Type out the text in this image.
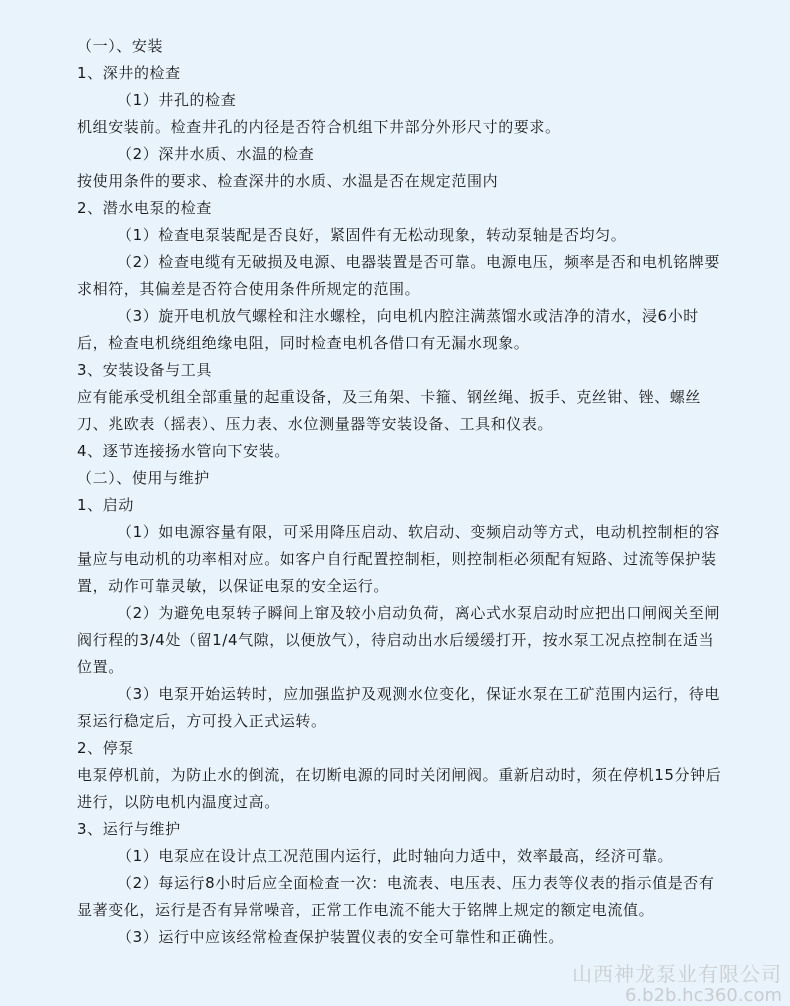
（一）、安装

1、深井的检查

（1）井孔的检查

机组安装前。检查井孔的内径是否符合机组下井部分外形尺寸的要求。

（2）深井水质、水温的检查

按使用条件的要求、检查深井的水质、水温是否在规定范围内

2、潜水电泵的检查

（1）检查电泵装配是否良好，紧固件有无松动现象，转动泵轴是否均匀。

（2）检查电缆有无破损及电源、电器装置是否可靠。电源电压，频率是否和电机铭牌要求相符，其偏差是否符合使用条件所规定的范围。

（3）旋开电机放气螺栓和注水螺栓，向电机内腔注满蒸馏水或洁净的清水，浸6小时后，检查电机绕组绝缘电阻，同时检查电机各借口有无漏水现象。

3、安装设备与工具

应有能承受机组全部重量的起重设备，及三角架、卡箍、钢丝绳、扳手、克丝钳、锉、螺丝刀、兆欧表（摇表）、压力表、水位测量器等安装设备、工具和仪表。

4、逐节连接扬水管向下安装。

（二）、使用与维护

1、启动

（1）如电源容量有限，可采用降压启动、软启动、变频启动等方式，电动机控制柜的容量应与电动机的功率相对应。如客户自行配置控制柜，则控制柜必须配有短路、过流等保护装置，动作可靠灵敏，以保证电泵的安全运行。

（2）为避免电泵转子瞬间上窜及较小启动负荷，离心式水泵启动时应把出口闸阀关至闸阀行程的3/4处（留1/4气隙，以便放气），待启动出水后缓缓打开，按水泵工况点控制在适当位置。

（3）电泵开始运转时，应加强监护及观测水位变化，保证水泵在工矿范围内运行，待电泵运行稳定后，方可投入正式运转。

2、停泵

电泵停机前，为防止水的倒流，在切断电源的同时关闭闸阀。重新启动时，须在停机15分钟后进行，以防电机内温度过高。

3、运行与维护

（1）电泵应在设计点工况范围内运行，此时轴向力适中，效率最高，经济可靠。

（2）每运行8小时后应全面检查一次：电流表、电压表、压力表等仪表的指示值是否有显著变化，运行是否有异常噪音，正常工作电流不能大于铭牌上规定的额定电流值。

（3）运行中应该经常检查保护装置仪表的安全可靠性和正确性。

山西神龙泵业有限公司
6.b2b.hc360.com
